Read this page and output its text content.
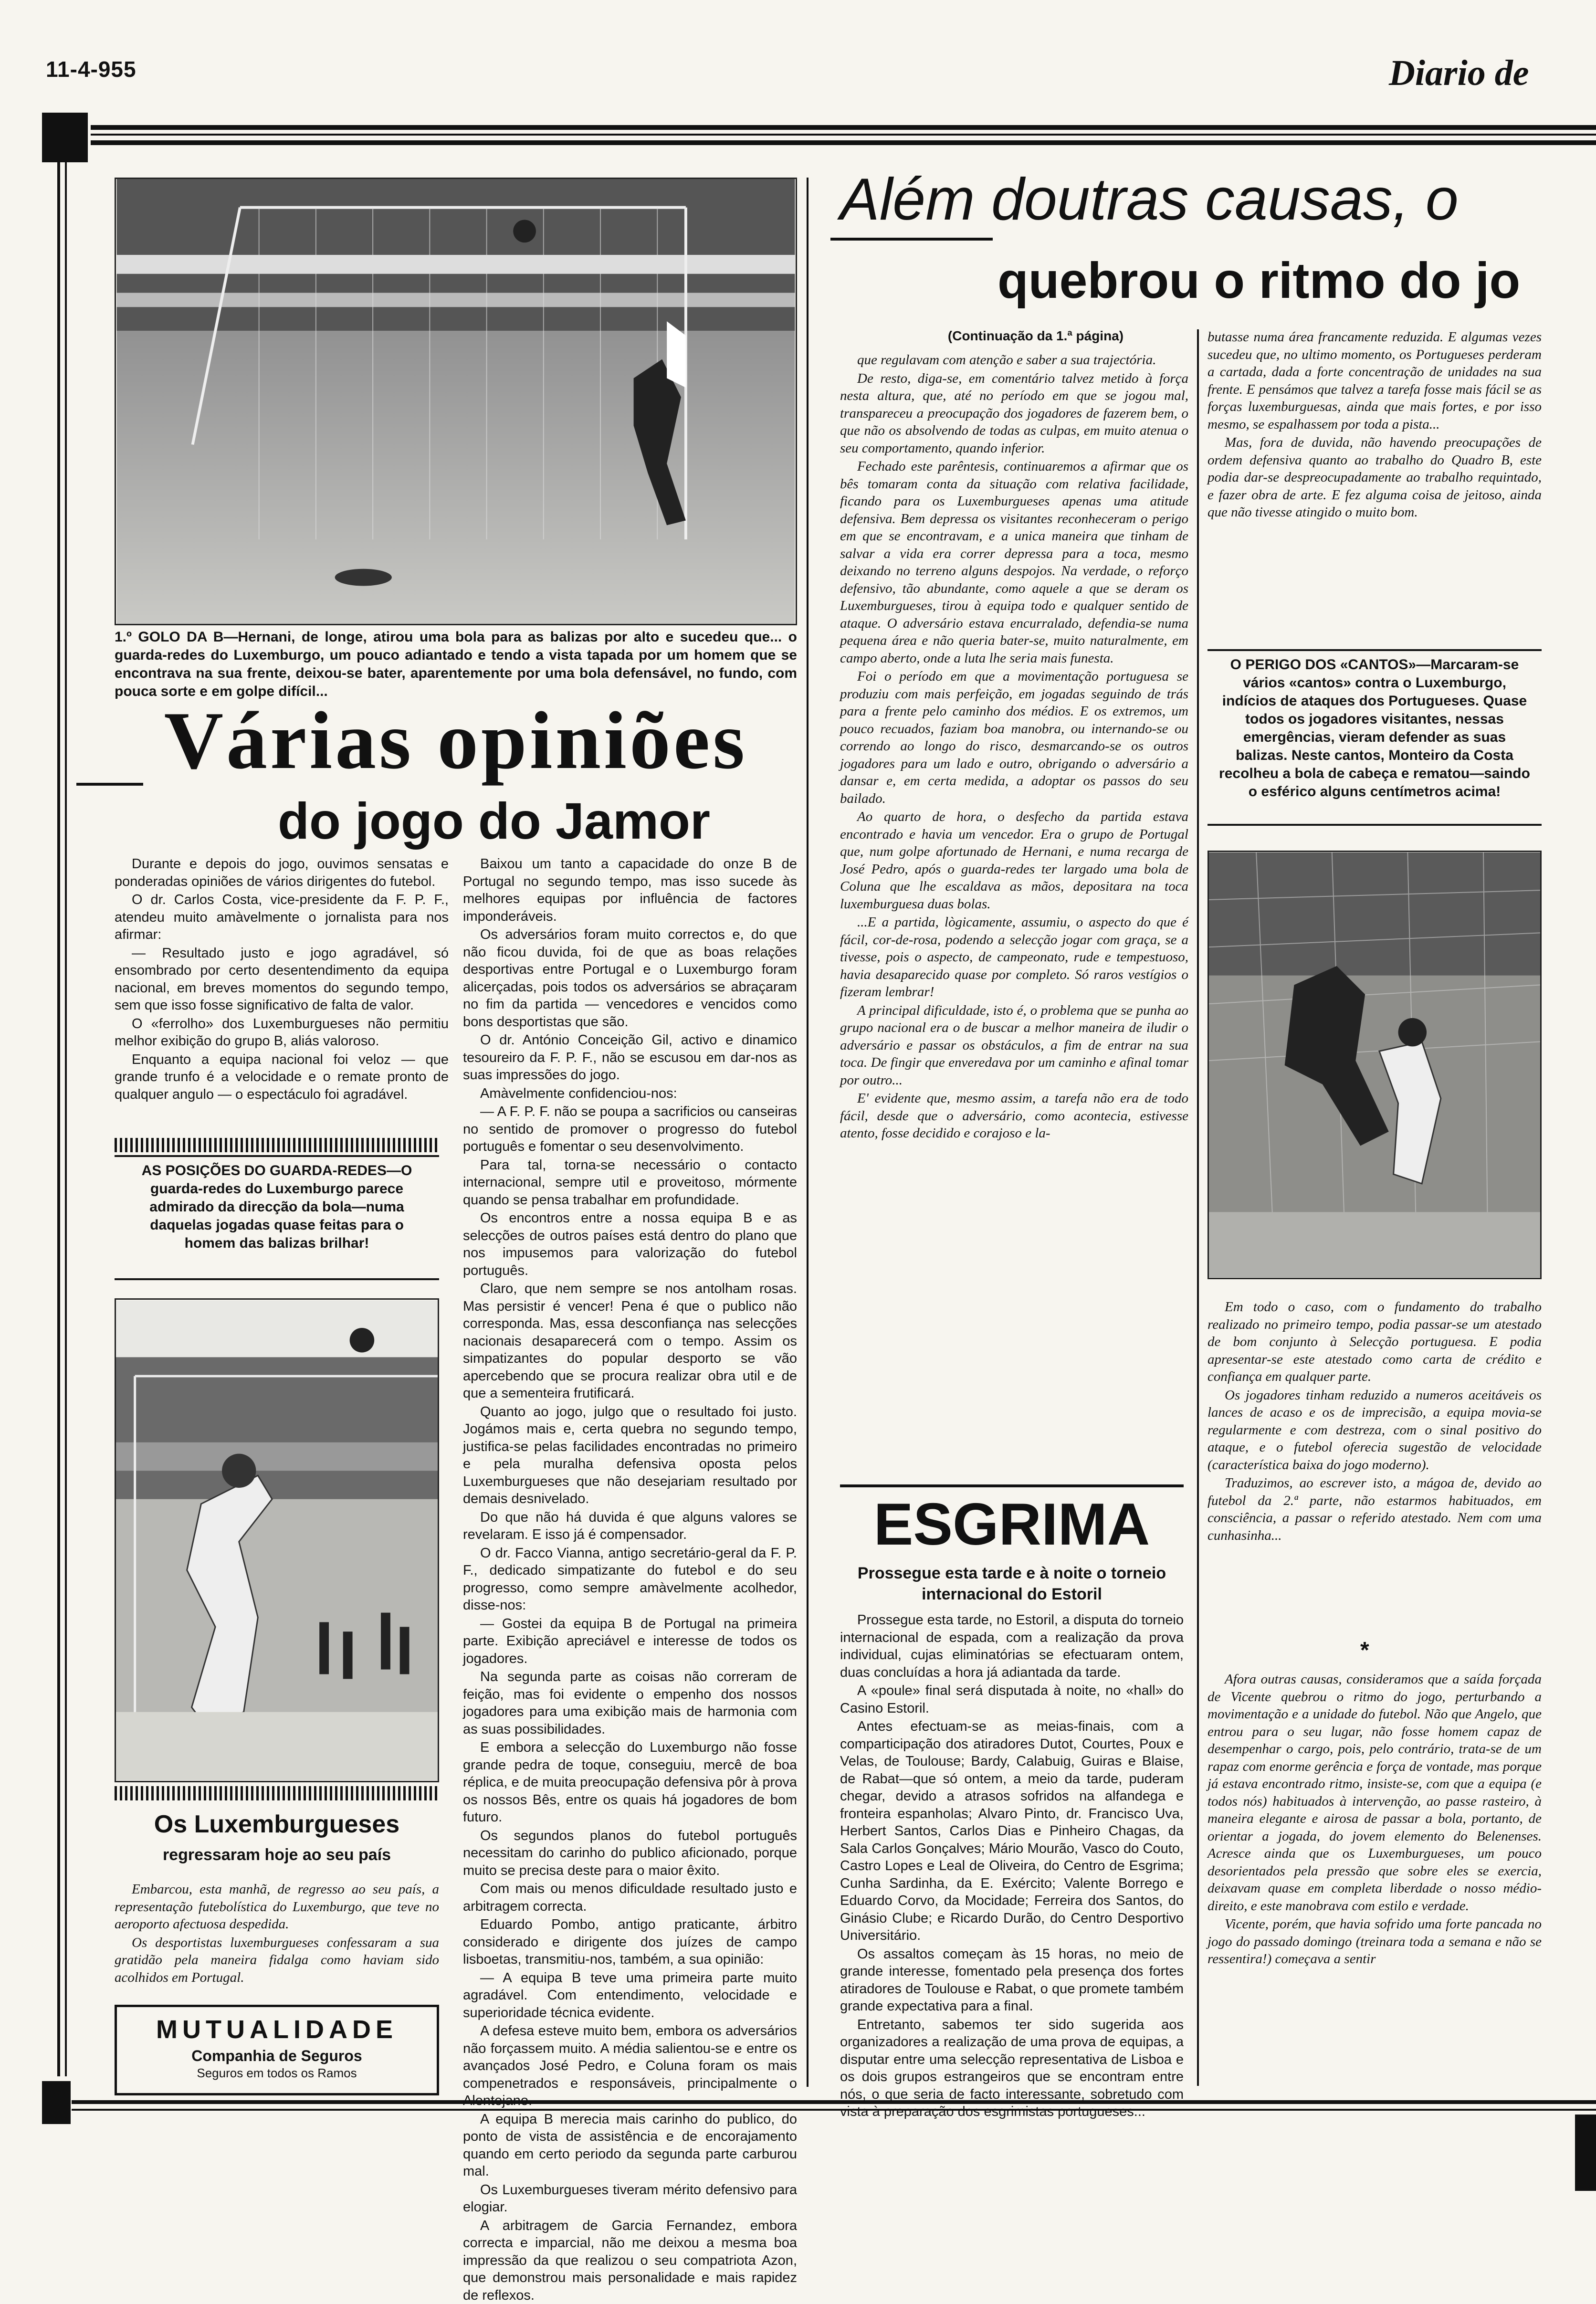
11-4-955	Diario de
1.º GOLO DA B—Hernani, de longe, atirou uma bola para as balizas por alto e sucedeu que... o guarda-redes do Luxemburgo, um pouco adiantado e tendo a vista tapada por um homem que se encontrava na sua frente, deixou-se bater, aparentemente por uma bola defensável, no fundo, com pouca sorte e em golpe difícil...
Várias opiniões
do jogo do Jamor

Durante e depois do jogo, ouvimos sensatas e ponderadas opiniões de vários dirigentes do futebol.

O dr. Carlos Costa, vice-presidente da F. P. F., atendeu muito amàvelmente o jornalista para nos afirmar:

— Resultado justo e jogo agradável, só ensombrado por certo desentendimento da equipa nacional, em breves momentos do segundo tempo, sem que isso fosse significativo de falta de valor.

O «ferrolho» dos Luxemburgueses não permitiu melhor exibição do grupo B, aliás valoroso.

Enquanto a equipa nacional foi veloz — que grande trunfo é a velocidade e o remate pronto de qualquer angulo — o espectáculo foi agradável.

AS POSIÇÕES DO GUARDA-REDES—O guarda-redes do Luxemburgo parece admirado da direcção da bola—numa daquelas jogadas quase feitas para o homem das balizas brilhar!
Os Luxemburgueses
regressaram hoje ao seu país

Embarcou, esta manhã, de regresso ao seu país, a representação futebolística do Luxemburgo, que teve no aeroporto afectuosa despedida.

Os desportistas luxemburgueses confessaram a sua gratidão pela maneira fidalga como haviam sido acolhidos em Portugal.

MUTUALIDADE
Companhia de Seguros
Seguros em todos os Ramos

Baixou um tanto a capacidade do onze B de Portugal no segundo tempo, mas isso sucede às melhores equipas por influência de factores imponderáveis.

Os adversários foram muito correctos e, do que não ficou duvida, foi de que as boas relações desportivas entre Portugal e o Luxemburgo foram alicerçadas, pois todos os adversários se abraçaram no fim da partida — vencedores e vencidos como bons desportistas que são.

O dr. António Conceição Gil, activo e dinamico tesoureiro da F. P. F., não se escusou em dar-nos as suas impressões do jogo.

Amàvelmente confidenciou-nos:

— A F. P. F. não se poupa a sacrificios ou canseiras no sentido de promover o progresso do futebol português e fomentar o seu desenvolvimento.

Para tal, torna-se necessário o contacto internacional, sempre util e proveitoso, mórmente quando se pensa trabalhar em profundidade.

Os encontros entre a nossa equipa B e as selecções de outros países está dentro do plano que nos impusemos para valorização do futebol português.

Claro, que nem sempre se nos antolham rosas. Mas persistir é vencer! Pena é que o publico não corresponda. Mas, essa desconfiança nas selecções nacionais desaparecerá com o tempo. Assim os simpatizantes do popular desporto se vão apercebendo que se procura realizar obra util e de que a sementeira frutificará.

Quanto ao jogo, julgo que o resultado foi justo. Jogámos mais e, certa quebra no segundo tempo, justifica-se pelas facilidades encontradas no primeiro e pela muralha defensiva oposta pelos Luxemburgueses que não desejariam resultado por demais desnivelado.

Do que não há duvida é que alguns valores se revelaram. E isso já é compensador.

O dr. Facco Vianna, antigo secretário-geral da F. P. F., dedicado simpatizante do futebol e do seu progresso, como sempre amàvelmente acolhedor, disse-nos:

— Gostei da equipa B de Portugal na primeira parte. Exibição apreciável e interesse de todos os jogadores.

Na segunda parte as coisas não correram de feição, mas foi evidente o empenho dos nossos jogadores para uma exibição mais de harmonia com as suas possibilidades.

E embora a selecção do Luxemburgo não fosse grande pedra de toque, conseguiu, mercê de boa réplica, e de muita preocupação defensiva pôr à prova os nossos Bês, entre os quais há jogadores de bom futuro.

Os segundos planos do futebol português necessitam do carinho do publico aficionado, porque muito se precisa deste para o maior êxito.

Com mais ou menos dificuldade resultado justo e arbitragem correcta.

Eduardo Pombo, antigo praticante, árbitro considerado e dirigente dos juízes de campo lisboetas, transmitiu-nos, também, a sua opinião:

— A equipa B teve uma primeira parte muito agradável. Com entendimento, velocidade e superioridade técnica evidente.

A defesa esteve muito bem, embora os adversários não forçassem muito. A média salientou-se e entre os avançados José Pedro, e Coluna foram os mais compenetrados e responsáveis, principalmente o Alentejano.

A equipa B merecia mais carinho do publico, do ponto de vista de assistência e de encorajamento quando em certo periodo da segunda parte carburou mal.

Os Luxemburgueses tiveram mérito defensivo para elogiar.

A arbitragem de Garcia Fernandez, embora correcta e imparcial, não me deixou a mesma boa impressão da que realizou o seu compatriota Azon, que demonstrou mais personalidade e mais rapidez de reflexos.

Além doutras causas, o
quebrou o ritmo do jo
(Continuação da 1.ª página)

que regulavam com atenção e saber a sua trajectória.

De resto, diga-se, em comentário talvez metido à força nesta altura, que, até no período em que se jogou mal, transpareceu a preocupação dos jogadores de fazerem bem, o que não os absolvendo de todas as culpas, em muito atenua o seu comportamento, quando inferior.

Fechado este parêntesis, continuaremos a afirmar que os bês tomaram conta da situação com relativa facilidade, ficando para os Luxemburgueses apenas uma atitude defensiva. Bem depressa os visitantes reconheceram o perigo em que se encontravam, e a unica maneira que tinham de salvar a vida era correr depressa para a toca, mesmo deixando no terreno alguns despojos. Na verdade, o reforço defensivo, tão abundante, como aquele a que se deram os Luxemburgueses, tirou à equipa todo e qualquer sentido de ataque. O adversário estava encurralado, defendia-se numa pequena área e não queria bater-se, muito naturalmente, em campo aberto, onde a luta lhe seria mais funesta.

Foi o período em que a movimentação portuguesa se produziu com mais perfeição, em jogadas seguindo de trás para a frente pelo caminho dos médios. E os extremos, um pouco recuados, faziam boa manobra, ou internando-se ou correndo ao longo do risco, desmarcando-se os outros jogadores para um lado e outro, obrigando o adversário a dansar e, em certa medida, a adoptar os passos do seu bailado.

Ao quarto de hora, o desfecho da partida estava encontrado e havia um vencedor. Era o grupo de Portugal que, num golpe afortunado de Hernani, e numa recarga de José Pedro, após o guarda-redes ter largado uma bola de Coluna que lhe escaldava as mãos, depositara na toca luxemburguesa duas bolas.

...E a partida, lògicamente, assumiu, o aspecto do que é fácil, cor-de-rosa, podendo a selecção jogar com graça, se a tivesse, pois o aspecto, de campeonato, rude e tempestuoso, havia desaparecido quase por completo. Só raros vestígios o fizeram lembrar!

A principal dificuldade, isto é, o problema que se punha ao grupo nacional era o de buscar a melhor maneira de iludir o adversário e passar os obstáculos, a fim de entrar na sua toca. De fingir que enveredava por um caminho e afinal tomar por outro...

E' evidente que, mesmo assim, a tarefa não era de todo fácil, desde que o adversário, como acontecia, estivesse atento, fosse decidido e corajoso e la-

ESGRIMA
Prossegue esta tarde e à noite o torneio internacional do Estoril

Prossegue esta tarde, no Estoril, a disputa do torneio internacional de espada, com a realização da prova individual, cujas eliminatórias se efectuaram ontem, duas concluídas a hora já adiantada da tarde.

A «poule» final será disputada à noite, no «hall» do Casino Estoril.

Antes efectuam-se as meias-finais, com a comparticipação dos atiradores Dutot, Courtes, Poux e Velas, de Toulouse; Bardy, Calabuig, Guiras e Blaise, de Rabat—que só ontem, a meio da tarde, puderam chegar, devido a atrasos sofridos na alfandega e fronteira espanholas; Alvaro Pinto, dr. Francisco Uva, Herbert Santos, Carlos Dias e Pinheiro Chagas, da Sala Carlos Gonçalves; Mário Mourão, Vasco do Couto, Castro Lopes e Leal de Oliveira, do Centro de Esgrima; Cunha Sardinha, da E. Exército; Valente Borrego e Eduardo Corvo, da Mocidade; Ferreira dos Santos, do Ginásio Clube; e Ricardo Durão, do Centro Desportivo Universitário.

Os assaltos começam às 15 horas, no meio de grande interesse, fomentado pela presença dos fortes atiradores de Toulouse e Rabat, o que promete também grande expectativa para a final.

Entretanto, sabemos ter sido sugerida aos organizadores a realização de uma prova de equipas, a disputar entre uma selecção representativa de Lisboa e os dois grupos estrangeiros que se encontram entre nós, o que seria de facto interessante, sobretudo com vista à preparação dos esgrimistas portugueses...

butasse numa área francamente reduzida. E algumas vezes sucedeu que, no ultimo momento, os Portugueses perderam a cartada, dada a forte concentração de unidades na sua frente. E pensámos que talvez a tarefa fosse mais fácil se as forças luxemburguesas, ainda que mais fortes, e por isso mesmo, se espalhassem por toda a pista...

Mas, fora de duvida, não havendo preocupações de ordem defensiva quanto ao trabalho do Quadro B, este podia dar-se despreocupadamente ao trabalho requintado, e fazer obra de arte. E fez alguma coisa de jeitoso, ainda que não tivesse atingido o muito bom.

O PERIGO DOS «CANTOS»—Marcaram-se vários «cantos» contra o Luxemburgo, indícios de ataques dos Portugueses. Quase todos os jogadores visitantes, nessas emergências, vieram defender as suas balizas. Neste cantos, Monteiro da Costa recolheu a bola de cabeça e rematou—saindo o esférico alguns centímetros acima!

Em todo o caso, com o fundamento do trabalho realizado no primeiro tempo, podia passar-se um atestado de bom conjunto à Selecção portuguesa. E podia apresentar-se este atestado como carta de crédito e confiança em qualquer parte.

Os jogadores tinham reduzido a numeros aceitáveis os lances de acaso e os de imprecisão, a equipa movia-se regularmente e com destreza, com o sinal positivo do ataque, e o futebol oferecia sugestão de velocidade (característica baixa do jogo moderno).

Traduzimos, ao escrever isto, a mágoa de, devido ao futebol da 2.ª parte, não estarmos habituados, em consciência, a passar o referido atestado. Nem com uma cunhasinha...

*

Afora outras causas, consideramos que a saída forçada de Vicente quebrou o ritmo do jogo, perturbando a movimentação e a unidade do futebol. Não que Angelo, que entrou para o seu lugar, não fosse homem capaz de desempenhar o cargo, pois, pelo contrário, trata-se de um rapaz com enorme gerência e força de vontade, mas porque já estava encontrado ritmo, insiste-se, com que a equipa (e todos nós) habituados à intervenção, ao passe rasteiro, à maneira elegante e airosa de passar a bola, portanto, de orientar a jogada, do jovem elemento do Belenenses. Acresce ainda que os Luxemburgueses, um pouco desorientados pela pressão que sobre eles se exercia, deixavam quase em completa liberdade o nosso médio-direito, e este manobrava com estilo e verdade.

Vicente, porém, que havia sofrido uma forte pancada no jogo do passado domingo (treinara toda a semana e não se ressentira!) começava a sentir
